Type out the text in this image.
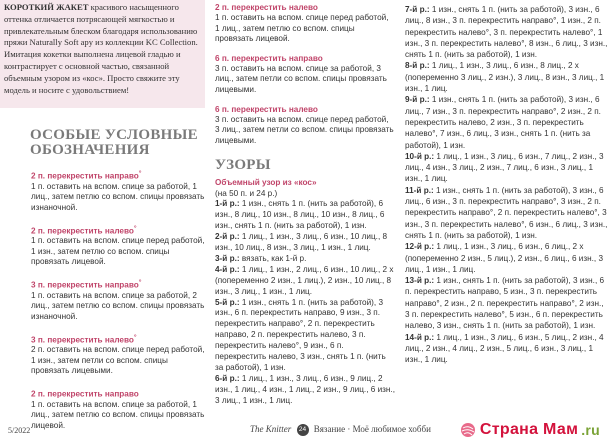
КОРОТКИЙ ЖАКЕТ красивого насыщенного оттенка отличается потрясающей мягкостью и привлекательным блеском благодаря использованию пряжи Naturally Soft apy из коллекции KC Collection. Имитация кокетки выполнена лицевой гладью и контрастирует с основной частью, связанной объемным узором из «кос». Просто свяжите эту модель и носите с удовольствием!

ОСОБЫЕ УСЛОВНЫЕ
ОБОЗНАЧЕНИЯ
2 п. перекрестить направо°
1 п. оставить на вспом. спице за работой, 1 лиц., затем петлю со вспом. спицы провязать изнаночной.
2 п. перекрестить налево°
1 п. оставить на вспом. спице перед работой, 1 изн., затем петлю со вспом. спицы провязать лицевой.
3 п. перекрестить направо°
1 п. оставить на вспом. спице за работой, 2 лиц., затем петлю со вспом. спицы провязать изнаночной.
3 п. перекрестить налево°
2 п. оставить на вспом. спице перед работой, 1 изн., затем петли со вспом. спицы провязать лицевыми.
2 п. перекрестить направо
1 п. оставить на вспом. спице за работой, 1 лиц., затем петлю со вспом. спицы провязать лицевой.
2 п. перекрестить налево
1 п. оставить на вспом. спице перед работой, 1 лиц., затем петлю со вспом. спицы провязать лицевой.
6 п. перекрестить направо
3 п. оставить на вспом. спице за работой, 3 лиц., затем петли со вспом. спицы провязать лицевыми.
6 п. перекрестить налево
3 п. оставить на вспом. спице перед работой, 3 лиц., затем петли со вспом. спицы провязать лицевыми.
УЗОРЫ
Объемный узор из «кос»
(на 50 п. и 24 р.)
1-й р.: 1 изн., снять 1 п. (нить за работой), 6 изн., 8 лиц., 10 изн., 8 лиц., 10 изн., 8 лиц., 6 изн., снять 1 п. (нить за работой), 1 изн.
2-й р.: 1 лиц., 1 изн., 3 лиц., 6 изн., 10 лиц., 8 изн., 10 лиц., 8 изн., 3 лиц., 1 изн., 1 лиц.
3-й р.: вязать, как 1-й р.
4-й р.: 1 лиц., 1 изн., 2 лиц., 6 изн., 10 лиц., 2 х (попеременно 2 изн., 1 лиц.), 2 изн., 10 лиц., 8 изн., 3 лиц., 1 изн., 1 лиц.
5-й р.: 1 изн., снять 1 п. (нить за работой), 3 изн., 6 п. перекрестить направо, 9 изн., 3 п. перекрестить направо°, 2 п. перекрестить направо, 2 п. перекрестить налево, 3 п. перекрестить налево°, 9 изн., 6 п. перекрестить налево, 3 изн., снять 1 п. (нить за работой), 1 изн.
6-й р.: 1 лиц., 1 изн., 3 лиц., 6 изн., 9 лиц., 2 изн., 1 лиц., 4 изн., 1 лиц., 2 изн., 9 лиц., 6 изн., 3 лиц., 1 изн., 1 лиц.
7-й р.: 1 изн., снять 1 п. (нить за работой), 3 изн., 6 лиц., 8 изн., 3 п. перекрестить направо°, 1 изн., 2 п. перекрестить налево°, 3 п. перекрестить налево°, 1 изн., 3 п. перекрестить налево°, 8 изн., 6 лиц., 3 изн., снять 1 п. (нить за работой), 1 изн.
8-й р.: 1 лиц., 1 изн., 3 лиц., 6 изн., 8 лиц., 2 х (попеременно 3 лиц., 2 изн.), 3 лиц., 8 изн., 3 лиц., 1 изн., 1 лиц.
9-й р.: 1 изн., снять 1 п. (нить за работой), 3 изн., 6 лиц., 7 изн., 3 п. перекрестить направо°, 2 изн., 2 п. перекрестить налево, 2 изн., 3 п. перекрестить налево°, 7 изн., 6 лиц., 3 изн., снять 1 п. (нить за работой), 1 изн.
10-й р.: 1 лиц., 1 изн., 3 лиц., 6 изн., 7 лиц., 2 изн., 3 лиц., 4 изн., 3 лиц., 2 изн., 7 лиц., 6 изн., 3 лиц., 1 изн., 1 лиц.
11-й р.: 1 изн., снять 1 п. (нить за работой), 3 изн., 6 лиц., 6 изн., 3 п. перекрестить направо°, 3 изн., 2 п. перекрестить направо°, 2 п. перекрестить налево°, 3 изн., 3 п. перекрестить налево°, 6 изн., 6 лиц., 3 изн., снять 1 п. (нить за работой), 1 изн.
12-й р.: 1 лиц., 1 изн., 3 лиц., 6 изн., 6 лиц., 2 х (попеременно 2 изн., 5 лиц.), 2 изн., 6 лиц., 6 изн., 3 лиц., 1 изн., 1 лиц.
13-й р.: 1 изн., снять 1 п. (нить за работой), 3 изн., 6 п. перекрестить направо, 5 изн., 3 п. перекрестить направо°, 2 изн., 2 п. перекрестить направо°, 2 изн., 3 п. перекрестить налево°, 5 изн., 6 п. перекрестить налево, 3 изн., снять 1 п. (нить за работой), 1 изн.
14-й р.: 1 лиц., 1 изн., 3 лиц., 6 изн., 5 лиц., 2 изн., 4 лиц., 2 изн., 4 лиц., 2 изн., 5 лиц., 6 изн., 3 лиц., 1 изн., 1 лиц.
5/2022	The Knitter 24 Вязание · Моё любимое хобби	Страна Мам .ru
